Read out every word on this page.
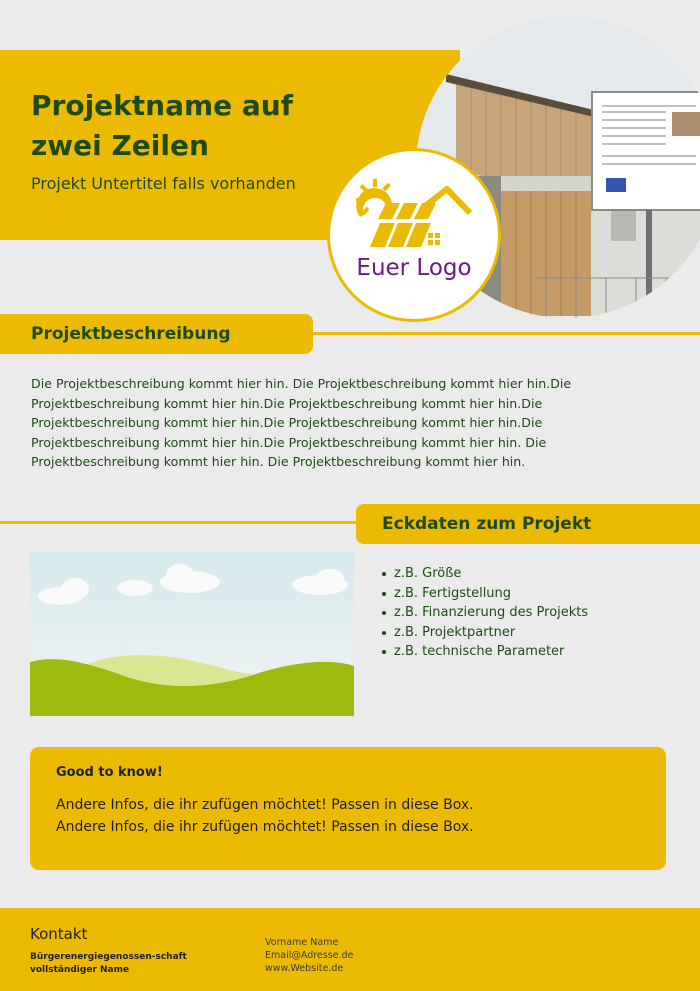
Projektname auf zwei Zeilen

Projekt Untertitel falls vorhanden

Euer Logo
Projektbeschreibung

Die Projektbeschreibung kommt hier hin. Die Projektbeschreibung kommt hier hin.Die Projektbeschreibung kommt hier hin.Die Projektbeschreibung kommt hier hin.Die Projektbeschreibung kommt hier hin.Die Projektbeschreibung kommt hier hin.Die Projektbeschreibung kommt hier hin.Die Projektbeschreibung kommt hier hin. Die Projektbeschreibung kommt hier hin. Die Projektbeschreibung kommt hier hin.

Eckdaten zum Projekt
z.B. Größe
z.B. Fertigstellung
z.B. Finanzierung des Projekts
z.B. Projektpartner
z.B. technische Parameter
Good to know!

Andere Infos, die ihr zufügen möchtet! Passen in diese Box. Andere Infos, die ihr zufügen möchtet! Passen in diese Box.

Kontakt

Bürgerenergiegenossen-schaft vollständiger Name

Vorname Name
Email@Adresse.de
www.Website.de
